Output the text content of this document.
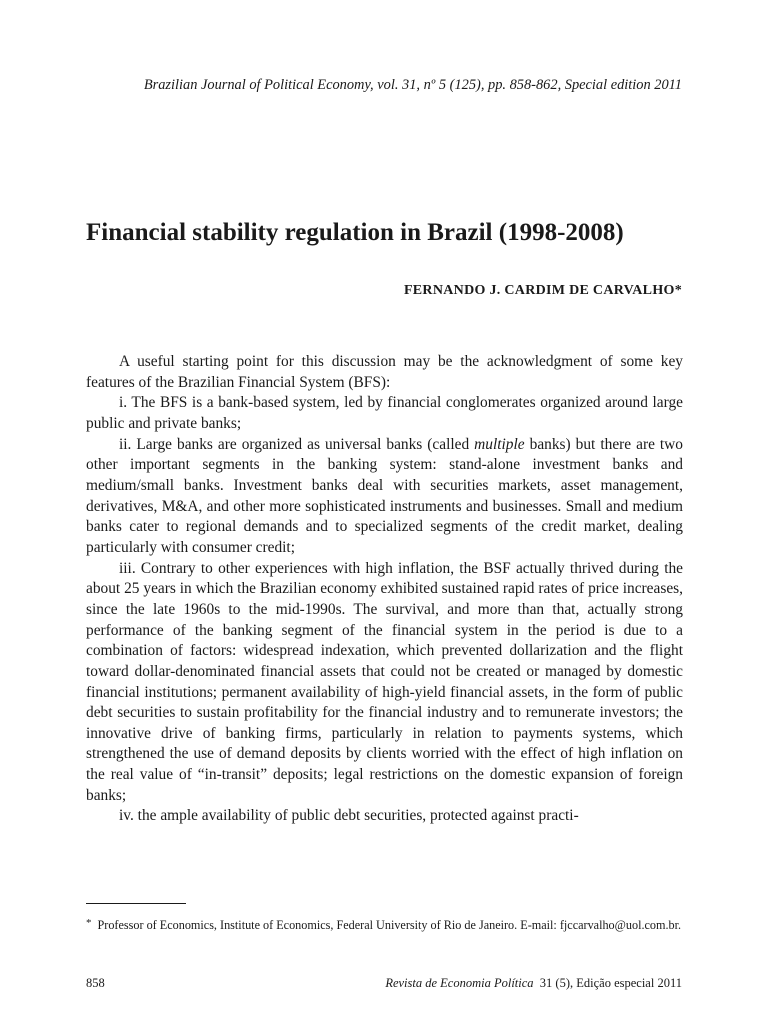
Brazilian Journal of Political Economy, vol. 31, nº 5 (125), pp. 858-862, Special edition 2011
Financial stability regulation in Brazil (1998-2008)
FERNANDO J. CARDIM DE CARVALHO*

A useful starting point for this discussion may be the acknowledgment of some key features of the Brazilian Financial System (BFS):

i. The BFS is a bank-based system, led by financial conglomerates organized around large public and private banks;

ii. Large banks are organized as universal banks (called multiple banks) but there are two other important segments in the banking system: stand-alone investment banks and medium/small banks. Investment banks deal with securities markets, asset management, derivatives, M&A, and other more sophisticated instruments and businesses. Small and medium banks cater to regional demands and to specialized segments of the credit market, dealing particularly with consumer credit;

iii. Contrary to other experiences with high inflation, the BSF actually thrived during the about 25 years in which the Brazilian economy exhibited sustained rapid rates of price increases, since the late 1960s to the mid-1990s. The survival, and more than that, actually strong performance of the banking segment of the financial system in the period is due to a combination of factors: widespread indexation, which prevented dollarization and the flight toward dollar-denominated financial assets that could not be created or managed by domestic financial institutions; permanent availability of high-yield financial assets, in the form of public debt securities to sustain profitability for the financial industry and to remunerate investors; the innovative drive of banking firms, particularly in relation to payments systems, which strengthened the use of demand deposits by clients worried with the effect of high inflation on the real value of “in-transit” deposits; legal restrictions on the domestic expansion of foreign banks;

iv. the ample availability of public debt securities, protected against practi-

* Professor of Economics, Institute of Economics, Federal University of Rio de Janeiro. E-mail: fjccarvalho@uol.com.br.
858	Revista de Economia Política 31 (5), Edição especial 2011
